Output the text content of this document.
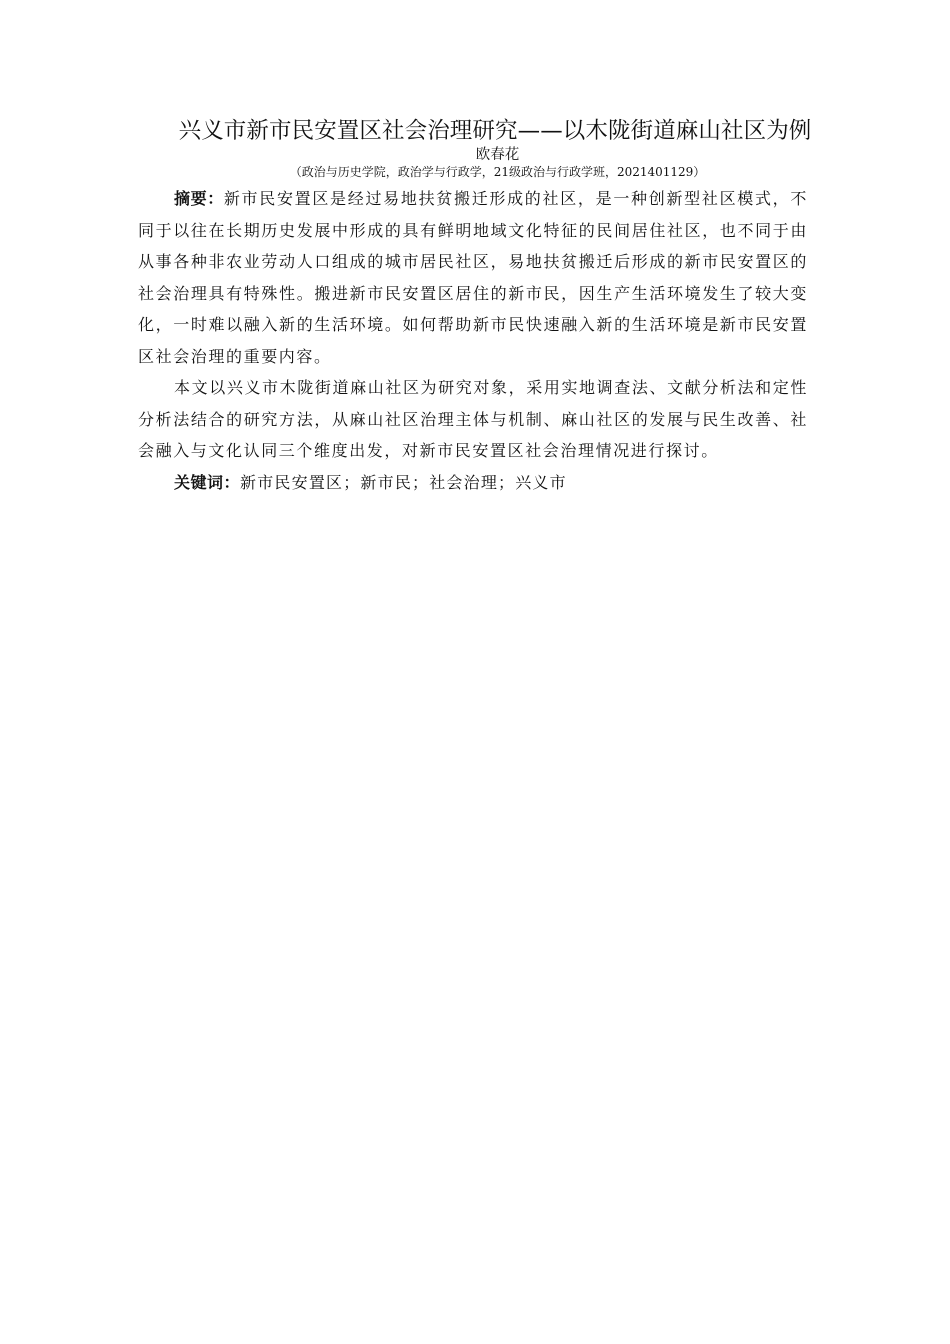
兴义市新市民安置区社会治理研究——以木陇街道麻山社区为例
欧春花
（政治与历史学院，政治学与行政学，21级政治与行政学班，2021401129）

摘要：新市民安置区是经过易地扶贫搬迁形成的社区，是一种创新型社区模式，不同于以往在长期历史发展中形成的具有鲜明地域文化特征的民间居住社区，也不同于由从事各种非农业劳动人口组成的城市居民社区，易地扶贫搬迁后形成的新市民安置区的社会治理具有特殊性。搬进新市民安置区居住的新市民，因生产生活环境发生了较大变化，一时难以融入新的生活环境。如何帮助新市民快速融入新的生活环境是新市民安置区社会治理的重要内容。

本文以兴义市木陇街道麻山社区为研究对象，采用实地调查法、文献分析法和定性分析法结合的研究方法，从麻山社区治理主体与机制、麻山社区的发展与民生改善、社会融入与文化认同三个维度出发，对新市民安置区社会治理情况进行探讨。

关键词：新市民安置区；新市民；社会治理；兴义市
